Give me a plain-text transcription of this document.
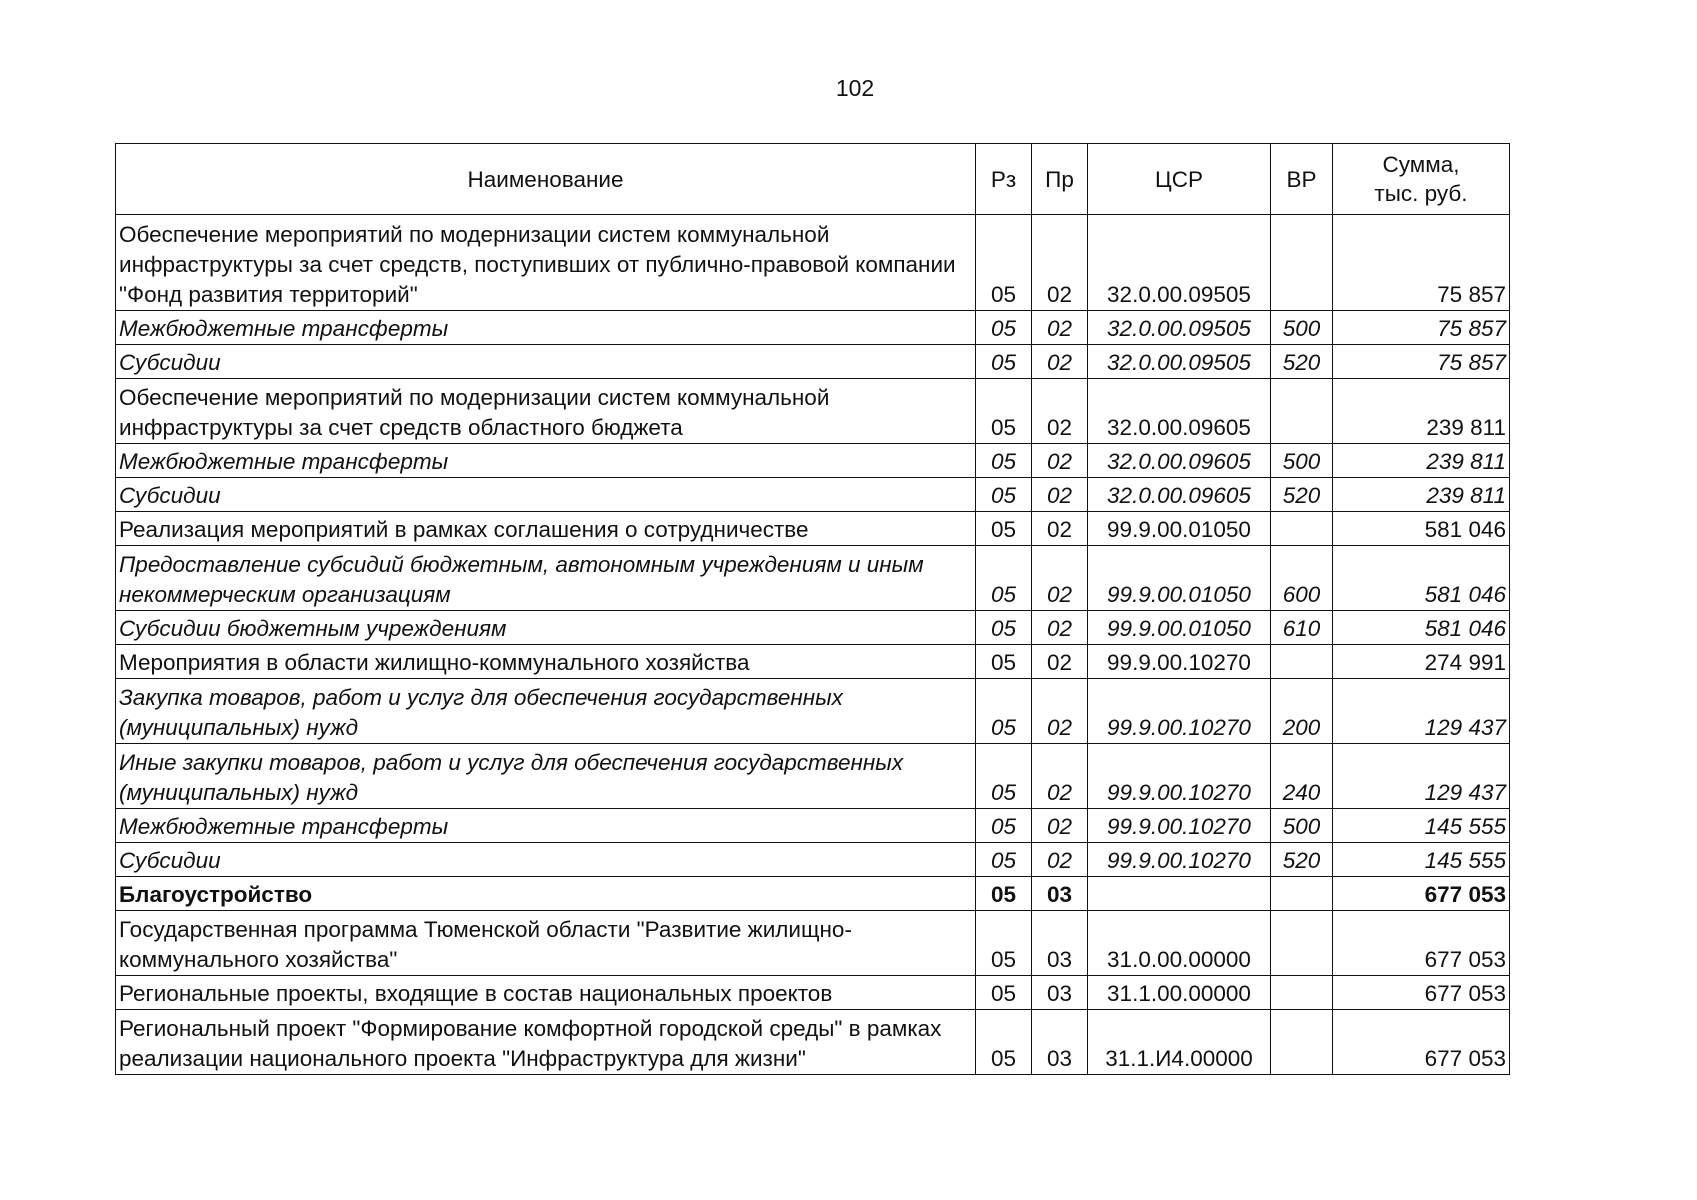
102
Наименование	Рз	Пр	ЦСР	ВР	Сумма,
тыс. руб.
Обеспечение мероприятий по модернизации систем коммунальной инфраструктуры за счет средств, поступивших от публично-правовой компании "Фонд развития территорий"	05	02	32.0.00.09505		75 857
Межбюджетные трансферты	05	02	32.0.00.09505	500	75 857
Субсидии	05	02	32.0.00.09505	520	75 857
Обеспечение мероприятий по модернизации систем коммунальной инфраструктуры за счет средств областного бюджета	05	02	32.0.00.09605		239 811
Межбюджетные трансферты	05	02	32.0.00.09605	500	239 811
Субсидии	05	02	32.0.00.09605	520	239 811
Реализация мероприятий в рамках соглашения о сотрудничестве	05	02	99.9.00.01050		581 046
Предоставление субсидий бюджетным, автономным учреждениям и иным некоммерческим организациям	05	02	99.9.00.01050	600	581 046
Субсидии бюджетным учреждениям	05	02	99.9.00.01050	610	581 046
Мероприятия в области жилищно-коммунального хозяйства	05	02	99.9.00.10270		274 991
Закупка товаров, работ и услуг для обеспечения государственных (муниципальных) нужд	05	02	99.9.00.10270	200	129 437
Иные закупки товаров, работ и услуг для обеспечения государственных (муниципальных) нужд	05	02	99.9.00.10270	240	129 437
Межбюджетные трансферты	05	02	99.9.00.10270	500	145 555
Субсидии	05	02	99.9.00.10270	520	145 555
Благоустройство	05	03			677 053
Государственная программа Тюменской области "Развитие жилищно-коммунального хозяйства"	05	03	31.0.00.00000		677 053
Региональные проекты, входящие в состав национальных проектов	05	03	31.1.00.00000		677 053
Региональный проект "Формирование комфортной городской среды" в рамках реализации национального проекта "Инфраструктура для жизни"	05	03	31.1.И4.00000		677 053
